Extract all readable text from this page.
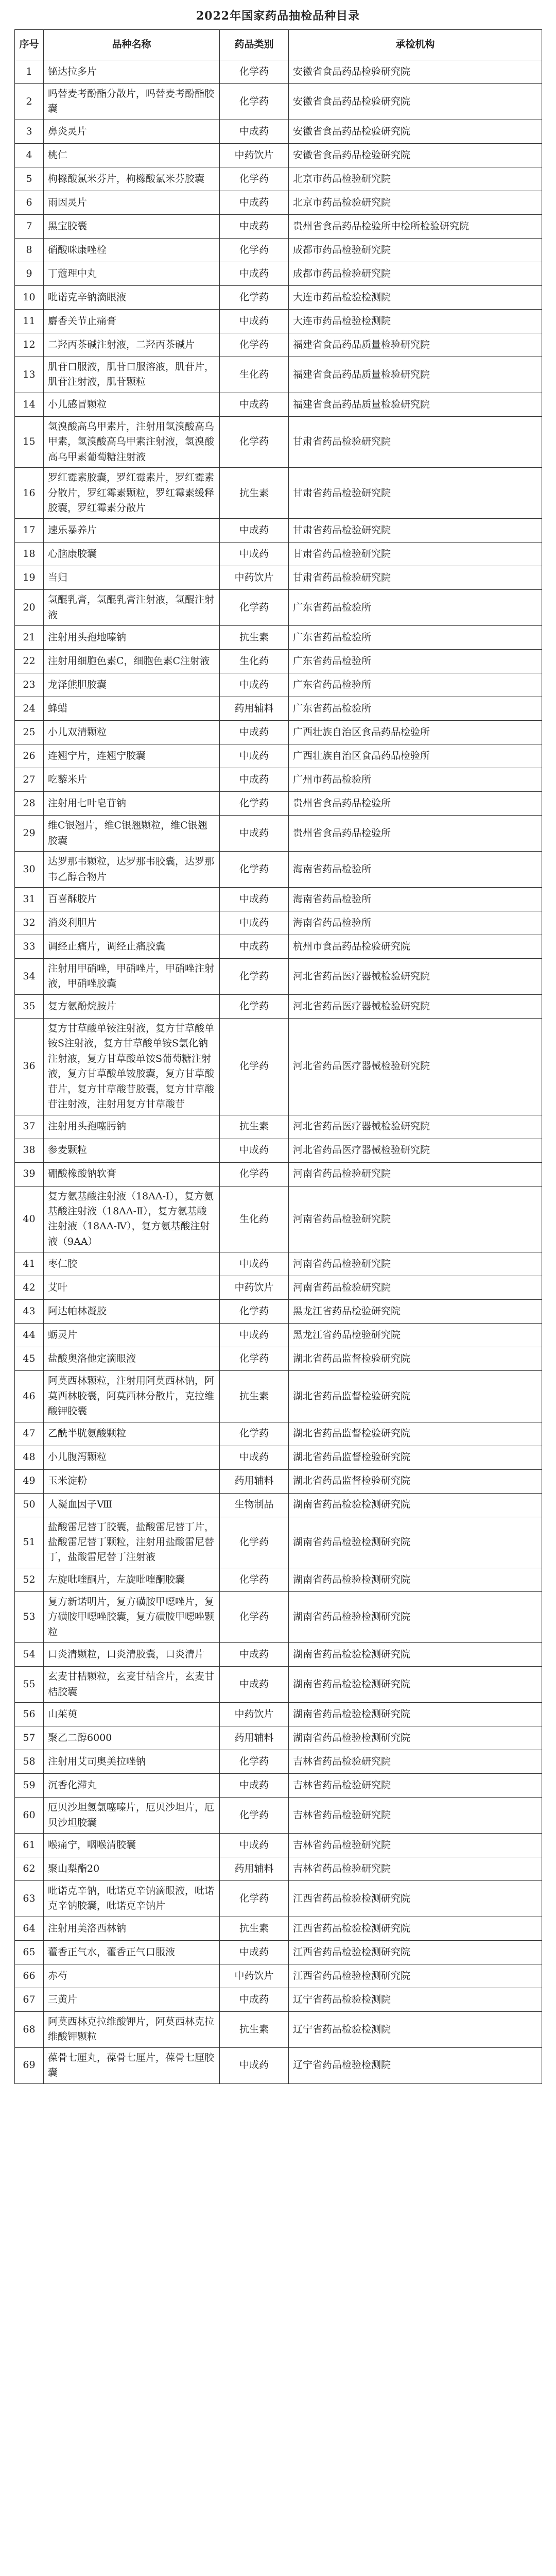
2022年国家药品抽检品种目录
序号	品种名称	药品类别	承检机构
1	铋达拉多片	化学药	安徽省食品药品检验研究院
2	吗替麦考酚酯分散片，吗替麦考酚酯胶囊	化学药	安徽省食品药品检验研究院
3	鼻炎灵片	中成药	安徽省食品药品检验研究院
4	桃仁	中药饮片	安徽省食品药品检验研究院
5	枸橼酸氯米芬片，枸橼酸氯米芬胶囊	化学药	北京市药品检验研究院
6	雨因灵片	中成药	北京市药品检验研究院
7	黑宝胶囊	中成药	贵州省食品药品检验所中检所检验研究院
8	硝酸咪康唑栓	化学药	成都市药品检验研究院
9	丁蔻理中丸	中成药	成都市药品检验研究院
10	吡诺克辛钠滴眼液	化学药	大连市药品检验检测院
11	麝香关节止痛膏	中成药	大连市药品检验检测院
12	二羟丙茶碱注射液，二羟丙茶碱片	化学药	福建省食品药品质量检验研究院
13	肌苷口服液，肌苷口服溶液，肌苷片，肌苷注射液，肌苷颗粒	生化药	福建省食品药品质量检验研究院
14	小儿感冒颗粒	中成药	福建省食品药品质量检验研究院
15	氢溴酸高乌甲素片，注射用氢溴酸高乌甲素，氢溴酸高乌甲素注射液，氢溴酸高乌甲素葡萄糖注射液	化学药	甘肃省药品检验研究院
16	罗红霉素胶囊，罗红霉素片，罗红霉素分散片，罗红霉素颗粒，罗红霉素缓释胶囊，罗红霉素分散片	抗生素	甘肃省药品检验研究院
17	速乐暴养片	中成药	甘肃省药品检验研究院
18	心脑康胶囊	中成药	甘肃省药品检验研究院
19	当归	中药饮片	甘肃省药品检验研究院
20	氢醌乳膏，氢醌乳膏注射液，氢醌注射液	化学药	广东省药品检验所
21	注射用头孢地嗪钠	抗生素	广东省药品检验所
22	注射用细胞色素C，细胞色素C注射液	生化药	广东省药品检验所
23	龙泽熊胆胶囊	中成药	广东省药品检验所
24	蜂蜡	药用辅料	广东省药品检验所
25	小儿双清颗粒	中成药	广西壮族自治区食品药品检验所
26	连翘宁片，连翘宁胶囊	中成药	广西壮族自治区食品药品检验所
27	吃藜米片	中成药	广州市药品检验所
28	注射用七叶皂苷钠	化学药	贵州省食品药品检验所
29	维C银翘片，维C银翘颗粒，维C银翘胶囊	中成药	贵州省食品药品检验所
30	达罗那韦颗粒，达罗那韦胶囊，达罗那韦乙醇合物片	化学药	海南省药品检验所
31	百喜酥胶片	中成药	海南省药品检验所
32	消炎利胆片	中成药	海南省药品检验所
33	调经止痛片，调经止痛胶囊	中成药	杭州市食品药品检验研究院
34	注射用甲硝唑，甲硝唑片，甲硝唑注射液，甲硝唑胶囊	化学药	河北省药品医疗器械检验研究院
35	复方氨酚烷胺片	化学药	河北省药品医疗器械检验研究院
36	复方甘草酸单铵注射液，复方甘草酸单铵S注射液，复方甘草酸单铵S氯化钠注射液，复方甘草酸单铵S葡萄糖注射液，复方甘草酸单铵胶囊，复方甘草酸苷片，复方甘草酸苷胶囊，复方甘草酸苷注射液，注射用复方甘草酸苷	化学药	河北省药品医疗器械检验研究院
37	注射用头孢噻肟钠	抗生素	河北省药品医疗器械检验研究院
38	参麦颗粒	中成药	河北省药品医疗器械检验研究院
39	硼酸橡酸钠软膏	化学药	河南省药品检验研究院
40	复方氨基酸注射液（18AA-Ⅰ），复方氨基酸注射液（18AA-Ⅱ），复方氨基酸注射液（18AA-Ⅳ），复方氨基酸注射液（9AA）	生化药	河南省药品检验研究院
41	枣仁胶	中成药	河南省药品检验研究院
42	艾叶	中药饮片	河南省药品检验研究院
43	阿达帕林凝胶	化学药	黑龙江省药品检验研究院
44	蛎灵片	中成药	黑龙江省药品检验研究院
45	盐酸奥洛他定滴眼液	化学药	湖北省药品监督检验研究院
46	阿莫西林颗粒，注射用阿莫西林钠，阿莫西林胶囊，阿莫西林分散片，克拉维酸钾胶囊	抗生素	湖北省药品监督检验研究院
47	乙酰半胱氨酸颗粒	化学药	湖北省药品监督检验研究院
48	小儿腹泻颗粒	中成药	湖北省药品监督检验研究院
49	玉米淀粉	药用辅料	湖北省药品监督检验研究院
50	人凝血因子Ⅷ	生物制品	湖南省药品检验检测研究院
51	盐酸雷尼替丁胶囊，盐酸雷尼替丁片，盐酸雷尼替丁颗粒，注射用盐酸雷尼替丁，盐酸雷尼替丁注射液	化学药	湖南省药品检验检测研究院
52	左旋吡喹酮片，左旋吡喹酮胶囊	化学药	湖南省药品检验检测研究院
53	复方新诺明片，复方磺胺甲噁唑片，复方磺胺甲噁唑胶囊，复方磺胺甲噁唑颗粒	化学药	湖南省药品检验检测研究院
54	口炎清颗粒，口炎清胶囊，口炎清片	中成药	湖南省药品检验检测研究院
55	玄麦甘桔颗粒，玄麦甘桔含片，玄麦甘桔胶囊	中成药	湖南省药品检验检测研究院
56	山茱萸	中药饮片	湖南省药品检验检测研究院
57	聚乙二醇6000	药用辅料	湖南省药品检验检测研究院
58	注射用艾司奥美拉唑钠	化学药	吉林省药品检验研究院
59	沉香化滞丸	中成药	吉林省药品检验研究院
60	厄贝沙坦氢氯噻嗪片，厄贝沙坦片，厄贝沙坦胶囊	化学药	吉林省药品检验研究院
61	喉痛宁，咽喉清胶囊	中成药	吉林省药品检验研究院
62	聚山梨酯20	药用辅料	吉林省药品检验研究院
63	吡诺克辛钠，吡诺克辛钠滴眼液，吡诺克辛钠胶囊，吡诺克辛钠片	化学药	江西省药品检验检测研究院
64	注射用美洛西林钠	抗生素	江西省药品检验检测研究院
65	藿香正气水，藿香正气口服液	中成药	江西省药品检验检测研究院
66	赤芍	中药饮片	江西省药品检验检测研究院
67	三黄片	中成药	辽宁省药品检验检测院
68	阿莫西林克拉维酸钾片，阿莫西林克拉维酸钾颗粒	抗生素	辽宁省药品检验检测院
69	葆骨七厘丸，葆骨七厘片，葆骨七厘胶囊	中成药	辽宁省药品检验检测院
